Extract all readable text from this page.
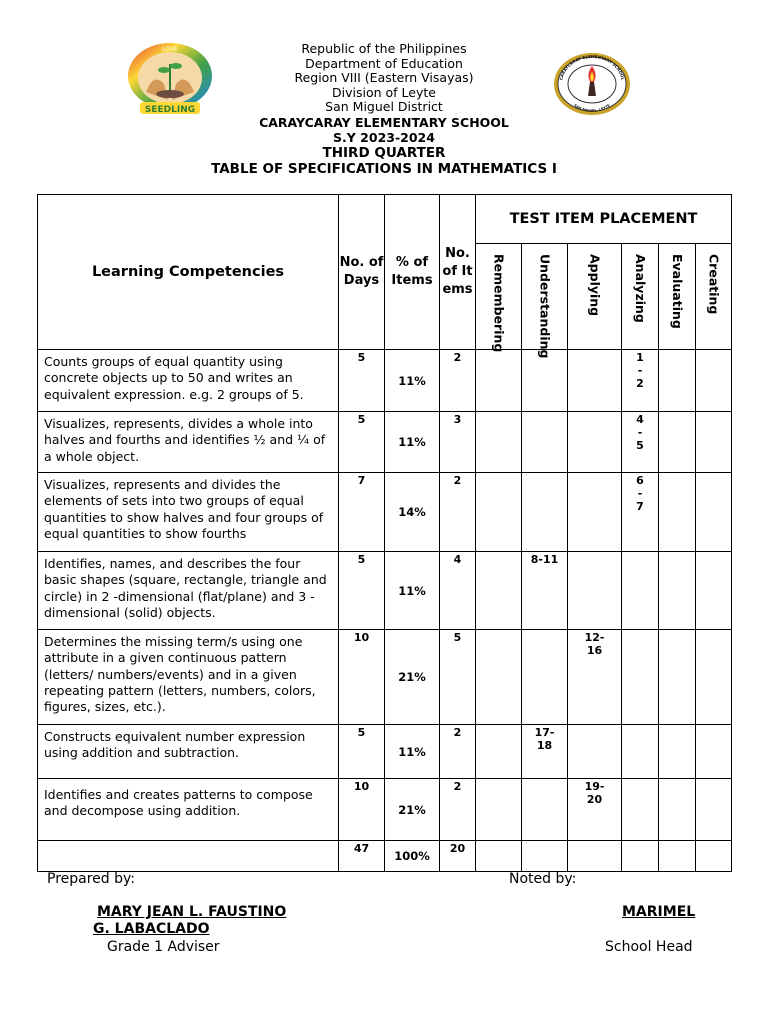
LOVE
SEEDLING
CARAYCARAY ELEMENTARY SCHOOL
SAN MIGUEL, LEYTE
Republic of the Philippines
Department of Education
Region VIII (Eastern Visayas)
Division of Leyte
San Miguel District
CARAYCARAY ELEMENTARY SCHOOL
S.Y 2023-2024
THIRD QUARTER
TABLE OF SPECIFICATIONS IN MATHEMATICS I
Learning Competencies	No. of Days	% of Items	No. of Items	TEST ITEM PLACEMENT					

				Remembering	Understanding	Applying	Analyzing	Evaluating	Creating

Counts groups of equal quantity using concrete objects up to 50 and writes an equivalent expression. e.g. 2 groups of 5.	5	11%	2				1 - 2		
Visualizes, represents, divides a whole into halves and fourths and identifies ½ and ¼ of a whole object.	5	11%	3				4 - 5		
Visualizes, represents and divides the elements of sets into two groups of equal quantities to show halves and four groups of equal quantities to show fourths	7	14%	2				6 - 7		
Identifies, names, and describes the four basic shapes (square, rectangle, triangle and circle) in 2 -dimensional (flat/plane) and 3 - dimensional (solid) objects.	5	11%	4		8-11				
Determines the missing term/s using one attribute in a given continuous pattern (letters/ numbers/events) and in a given repeating pattern (letters, numbers, colors, figures, sizes, etc.).	10	21%	5			12- 16			
Constructs equivalent number expression using addition and subtraction.	5	11%	2		17- 18				
Identifies and creates patterns to compose and decompose using addition.	10	21%	2			19- 20			
	47	100%	20						
Prepared by:	Noted by:
MARY JEAN L. FAUSTINO
G. LABACLADO
MARIMEL
Grade 1 Adviser	School Head
